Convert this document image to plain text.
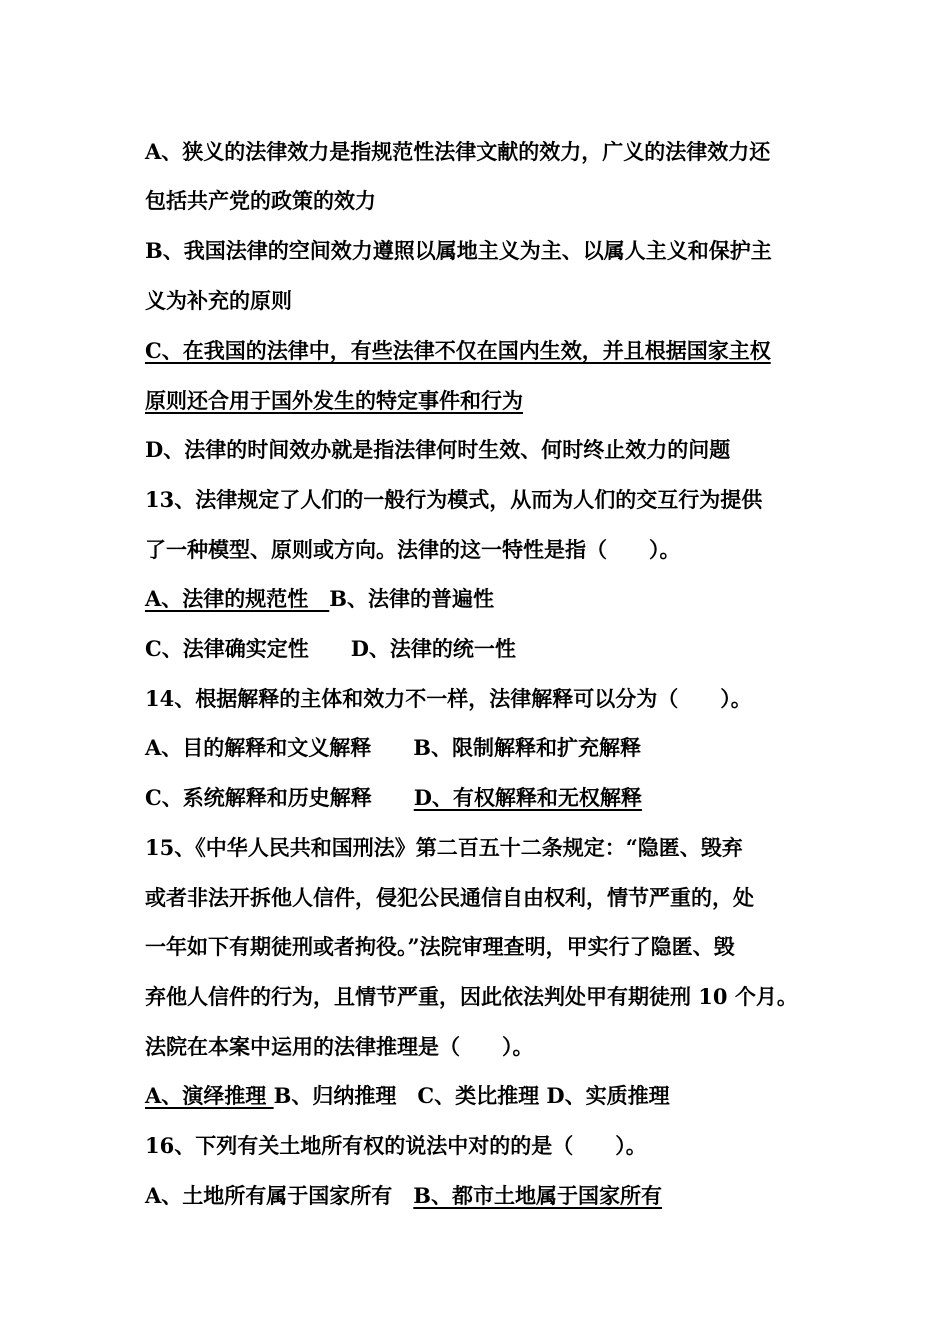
A、狭义的法律效力是指规范性法律文献的效力，广义的法律效力还
包括共产党的政策的效力
B、我国法律的空间效力遵照以属地主义为主、以属人主义和保护主
义为补充的原则
C、在我国的法律中，有些法律不仅在国内生效，并且根据国家主权
原则还合用于国外发生的特定事件和行为
D、法律的时间效办就是指法律何时生效、何时终止效力的问题
13、法律规定了人们的一般行为模式，从而为人们的交互行为提供
了一种模型、原则或方向。法律的这一特性是指（　　）。
A、法律的规范性　B、法律的普遍性
C、法律确实定性　　D、法律的统一性
14、根据解释的主体和效力不一样，法律解释可以分为（　　）。
A、目的解释和文义解释　　B、限制解释和扩充解释
C、系统解释和历史解释　　D、有权解释和无权解释
15、《中华人民共和国刑法》第二百五十二条规定：“隐匿、毁弃
或者非法开拆他人信件，侵犯公民通信自由权利，情节严重的，处
一年如下有期徒刑或者拘役。”法院审理查明，甲实行了隐匿、毁
弃他人信件的行为，且情节严重，因此依法判处甲有期徒刑 10 个月。
法院在本案中运用的法律推理是（　　）。
A、演绎推理 B、归纳推理　C、类比推理 D、实质推理
16、下列有关土地所有权的说法中对的的是（　　）。
A、土地所有属于国家所有　B、都市土地属于国家所有
